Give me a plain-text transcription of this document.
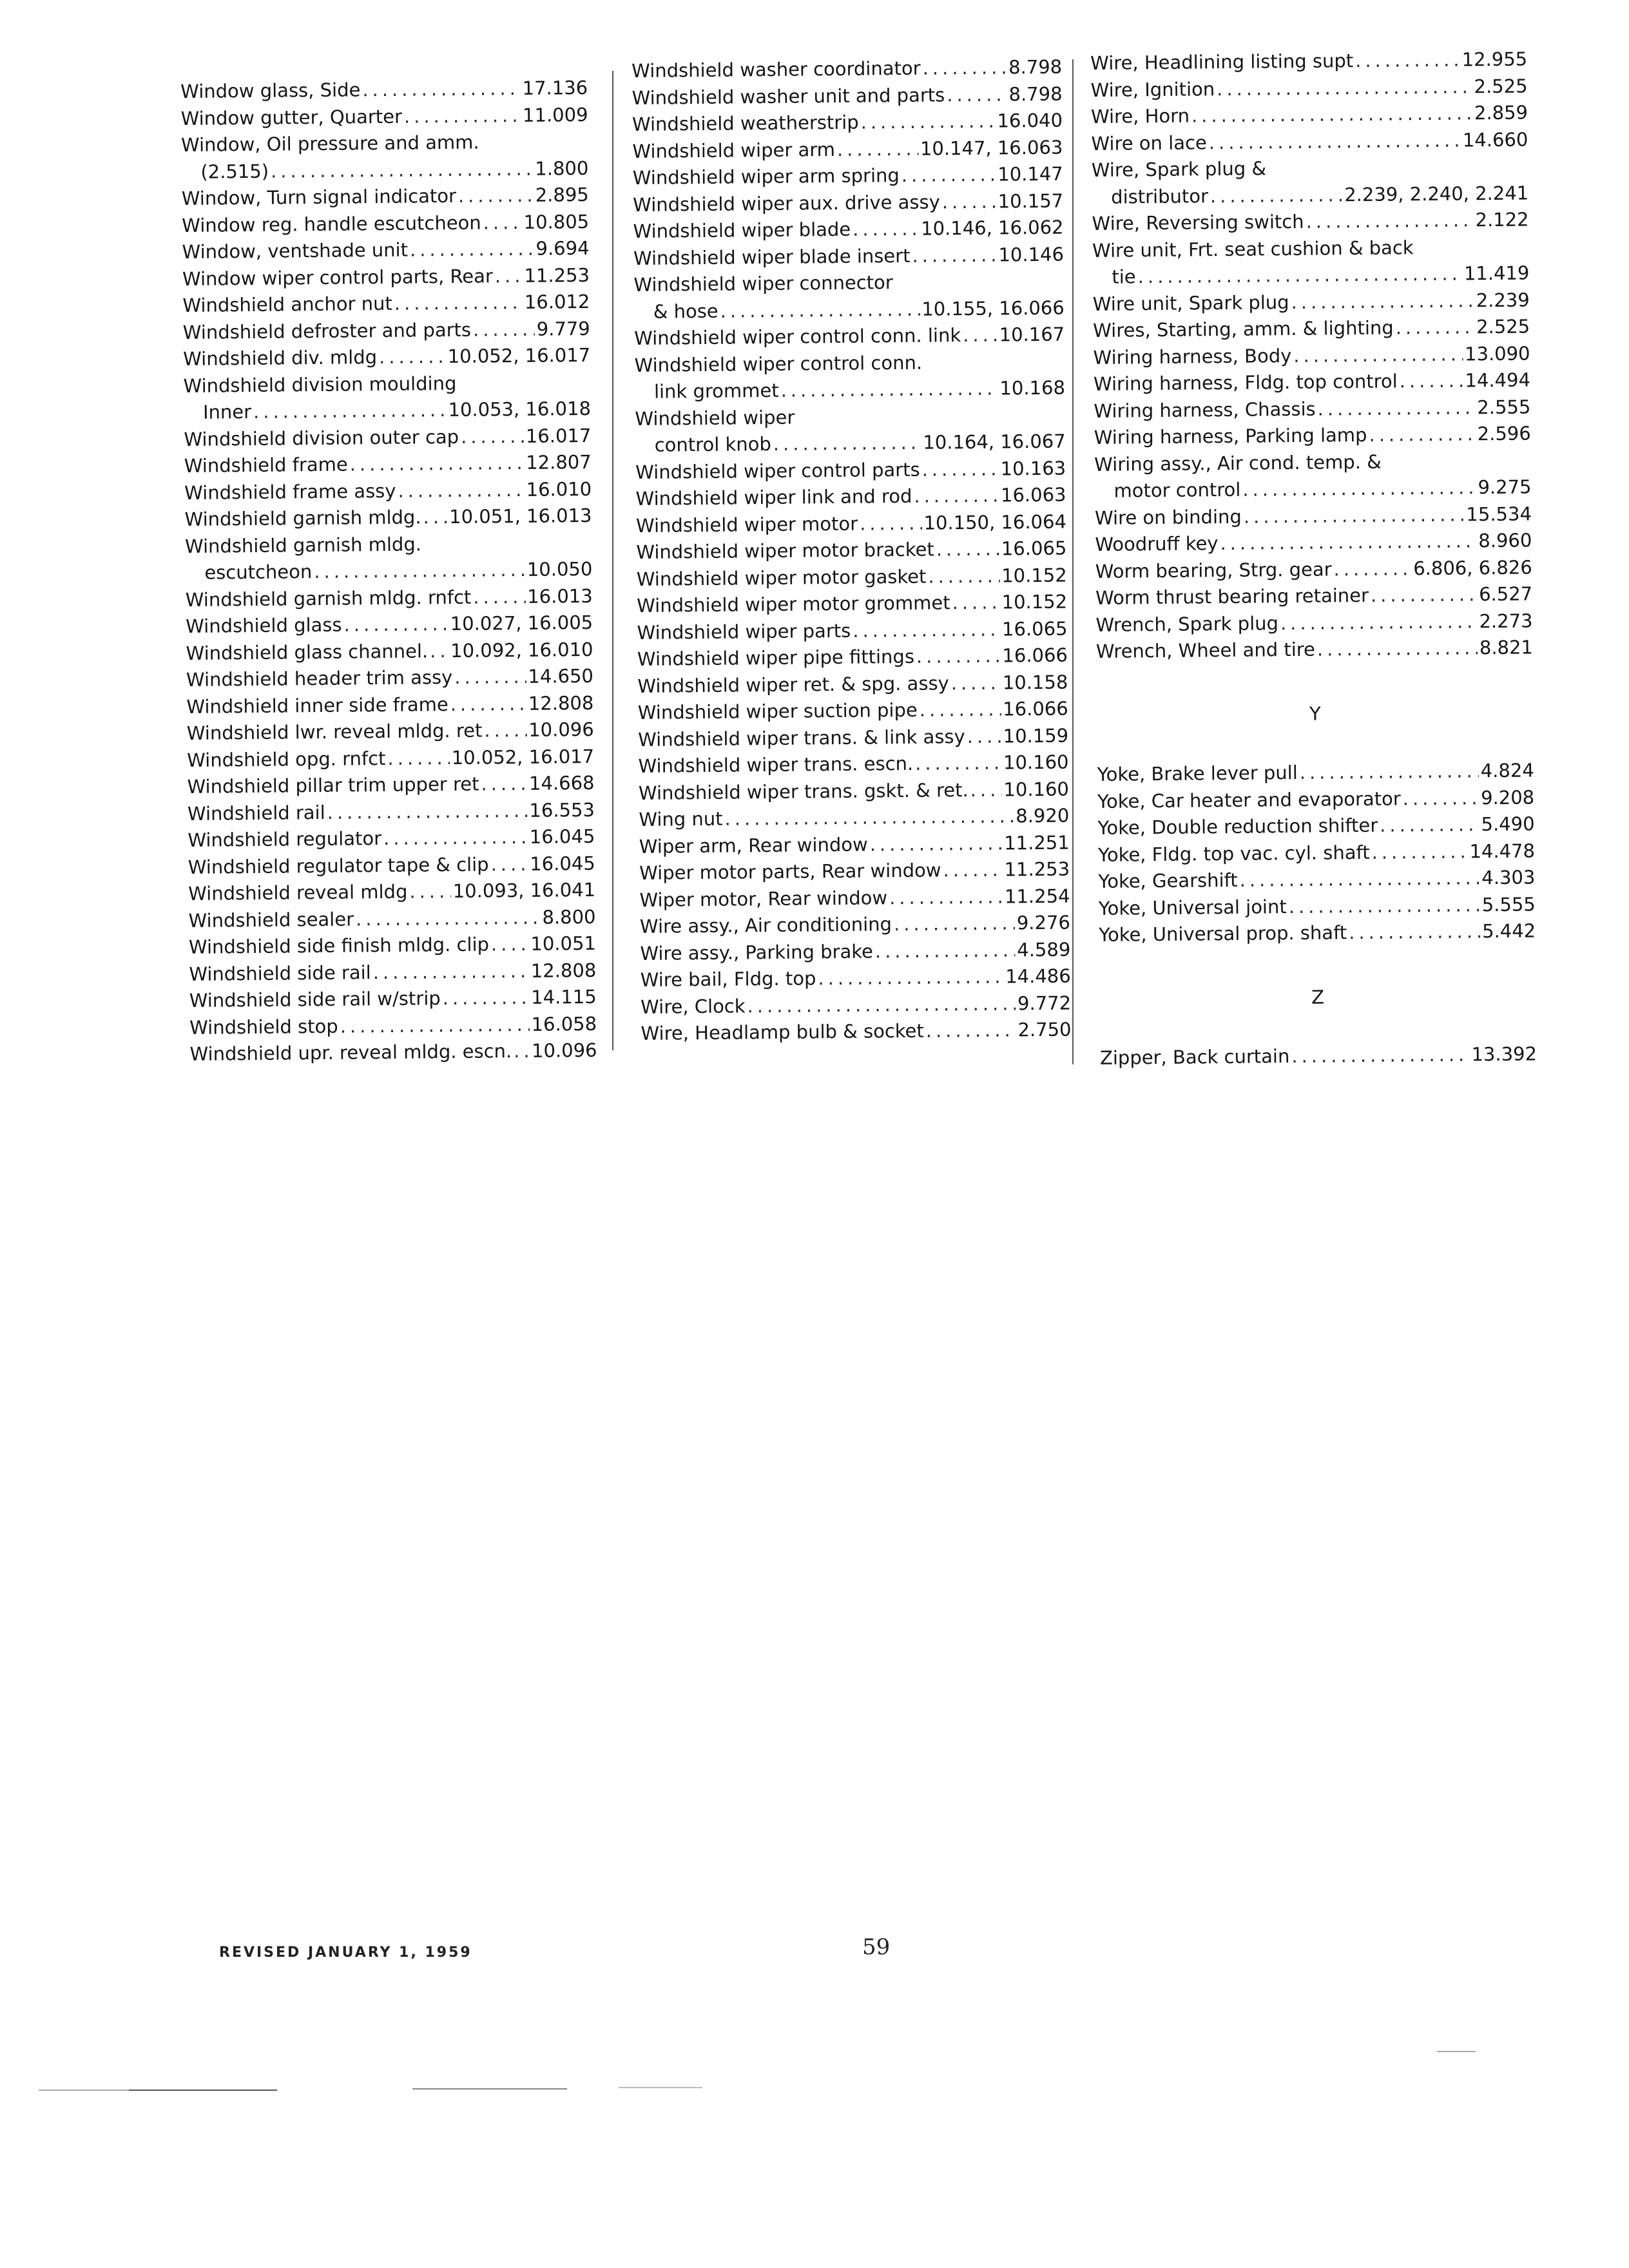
Window glass, Side .....	17.136
Window gutter, Quarter .....	11.009
Window, Oil pressure and amm.
(2.515) .....	1.800
Window, Turn signal indicator .....	2.895
Window reg. handle escutcheon ..... 10.805
Window, ventshade unit .....	9.694
Window wiper control parts, Rear ..... 11.253
Windshield anchor nut .....	16.012
Windshield defroster and parts .....	9.779
Windshield div. mldg .....	10.052, 16.017
Windshield division moulding
Inner .....	10.053, 16.018
Windshield division outer cap .....	16.017
Windshield frame .....	12.807
Windshield frame assy .....	16.010
Windshield garnish mldg. ..... 10.051, 16.013
Windshield garnish mldg.
escutcheon .....	10.050
Windshield garnish mldg. rnfct .....	16.013
Windshield glass .....	10.027, 16.005
Windshield glass channel. ..... 10.092, 16.010
Windshield header trim assy .....	14.650
Windshield inner side frame .....	12.808
Windshield lwr. reveal mldg. ret ..... 10.096
Windshield opg. rnfct .....	10.052, 16.017
Windshield pillar trim upper ret .....	14.668
Windshield rail .....	16.553
Windshield regulator .....	16.045
Windshield regulator tape & clip ..... 16.045
Windshield reveal mldg ..... 10.093, 16.041
Windshield sealer .....	8.800
Windshield side finish mldg. clip ..... 10.051
Windshield side rail .....	12.808
Windshield side rail w/strip .....	14.115
Windshield stop .....	16.058
Windshield upr. reveal mldg. escn. ..... 10.096
Windshield washer coordinator .....	8.798
Windshield washer unit and parts .....	8.798
Windshield weatherstrip .....	16.040
Windshield wiper arm .....	10.147, 16.063
Windshield wiper arm spring .....	10.147
Windshield wiper aux. drive assy .....	10.157
Windshield wiper blade .....	10.146, 16.062
Windshield wiper blade insert .....	10.146
Windshield wiper connector
& hose .....	10.155, 16.066
Windshield wiper control conn. link ..... 10.167
Windshield wiper control conn.
link grommet .....	10.168
Windshield wiper
control knob .....	10.164, 16.067
Windshield wiper control parts .....	10.163
Windshield wiper link and rod .....	16.063
Windshield wiper motor .....	10.150, 16.064
Windshield wiper motor bracket .....	16.065
Windshield wiper motor gasket .....	10.152
Windshield wiper motor grommet .....	10.152
Windshield wiper parts .....	16.065
Windshield wiper pipe fittings .....	16.066
Windshield wiper ret. & spg. assy .....	10.158
Windshield wiper suction pipe .....	16.066
Windshield wiper trans. & link assy ..... 10.159
Windshield wiper trans. escn. .....	10.160
Windshield wiper trans. gskt. & ret. ..... 10.160
Wing nut .....	8.920
Wiper arm, Rear window .....	11.251
Wiper motor parts, Rear window .....	11.253
Wiper motor, Rear window .....	11.254
Wire assy., Air conditioning .....	9.276
Wire assy., Parking brake .....	4.589
Wire bail, Fldg. top .....	14.486
Wire, Clock .....	9.772
Wire, Headlamp bulb & socket .....	2.750
Wire, Headlining listing supt .....	12.955
Wire, Ignition .....	2.525
Wire, Horn .....	2.859
Wire on lace .....	14.660
Wire, Spark plug &
distributor .....	2.239, 2.240, 2.241
Wire, Reversing switch .....	2.122
Wire unit, Frt. seat cushion & back
tie .....	11.419
Wire unit, Spark plug .....	2.239
Wires, Starting, amm. & lighting .....	2.525
Wiring harness, Body .....	13.090
Wiring harness, Fldg. top control .....	14.494
Wiring harness, Chassis .....	2.555
Wiring harness, Parking lamp .....	2.596
Wiring assy., Air cond. temp. &
motor control .....	9.275
Wire on binding .....	15.534
Woodruff key .....	8.960
Worm bearing, Strg. gear .....	6.806, 6.826
Worm thrust bearing retainer .....	6.527
Wrench, Spark plug .....	2.273
Wrench, Wheel and tire .....	8.821
Y
Yoke, Brake lever pull .....	4.824
Yoke, Car heater and evaporator .....	9.208
Yoke, Double reduction shifter .....	5.490
Yoke, Fldg. top vac. cyl. shaft .....	14.478
Yoke, Gearshift .....	4.303
Yoke, Universal joint .....	5.555
Yoke, Universal prop. shaft .....	5.442
Z
Zipper, Back curtain .....	13.392
REVISED JANUARY 1, 1959	59
